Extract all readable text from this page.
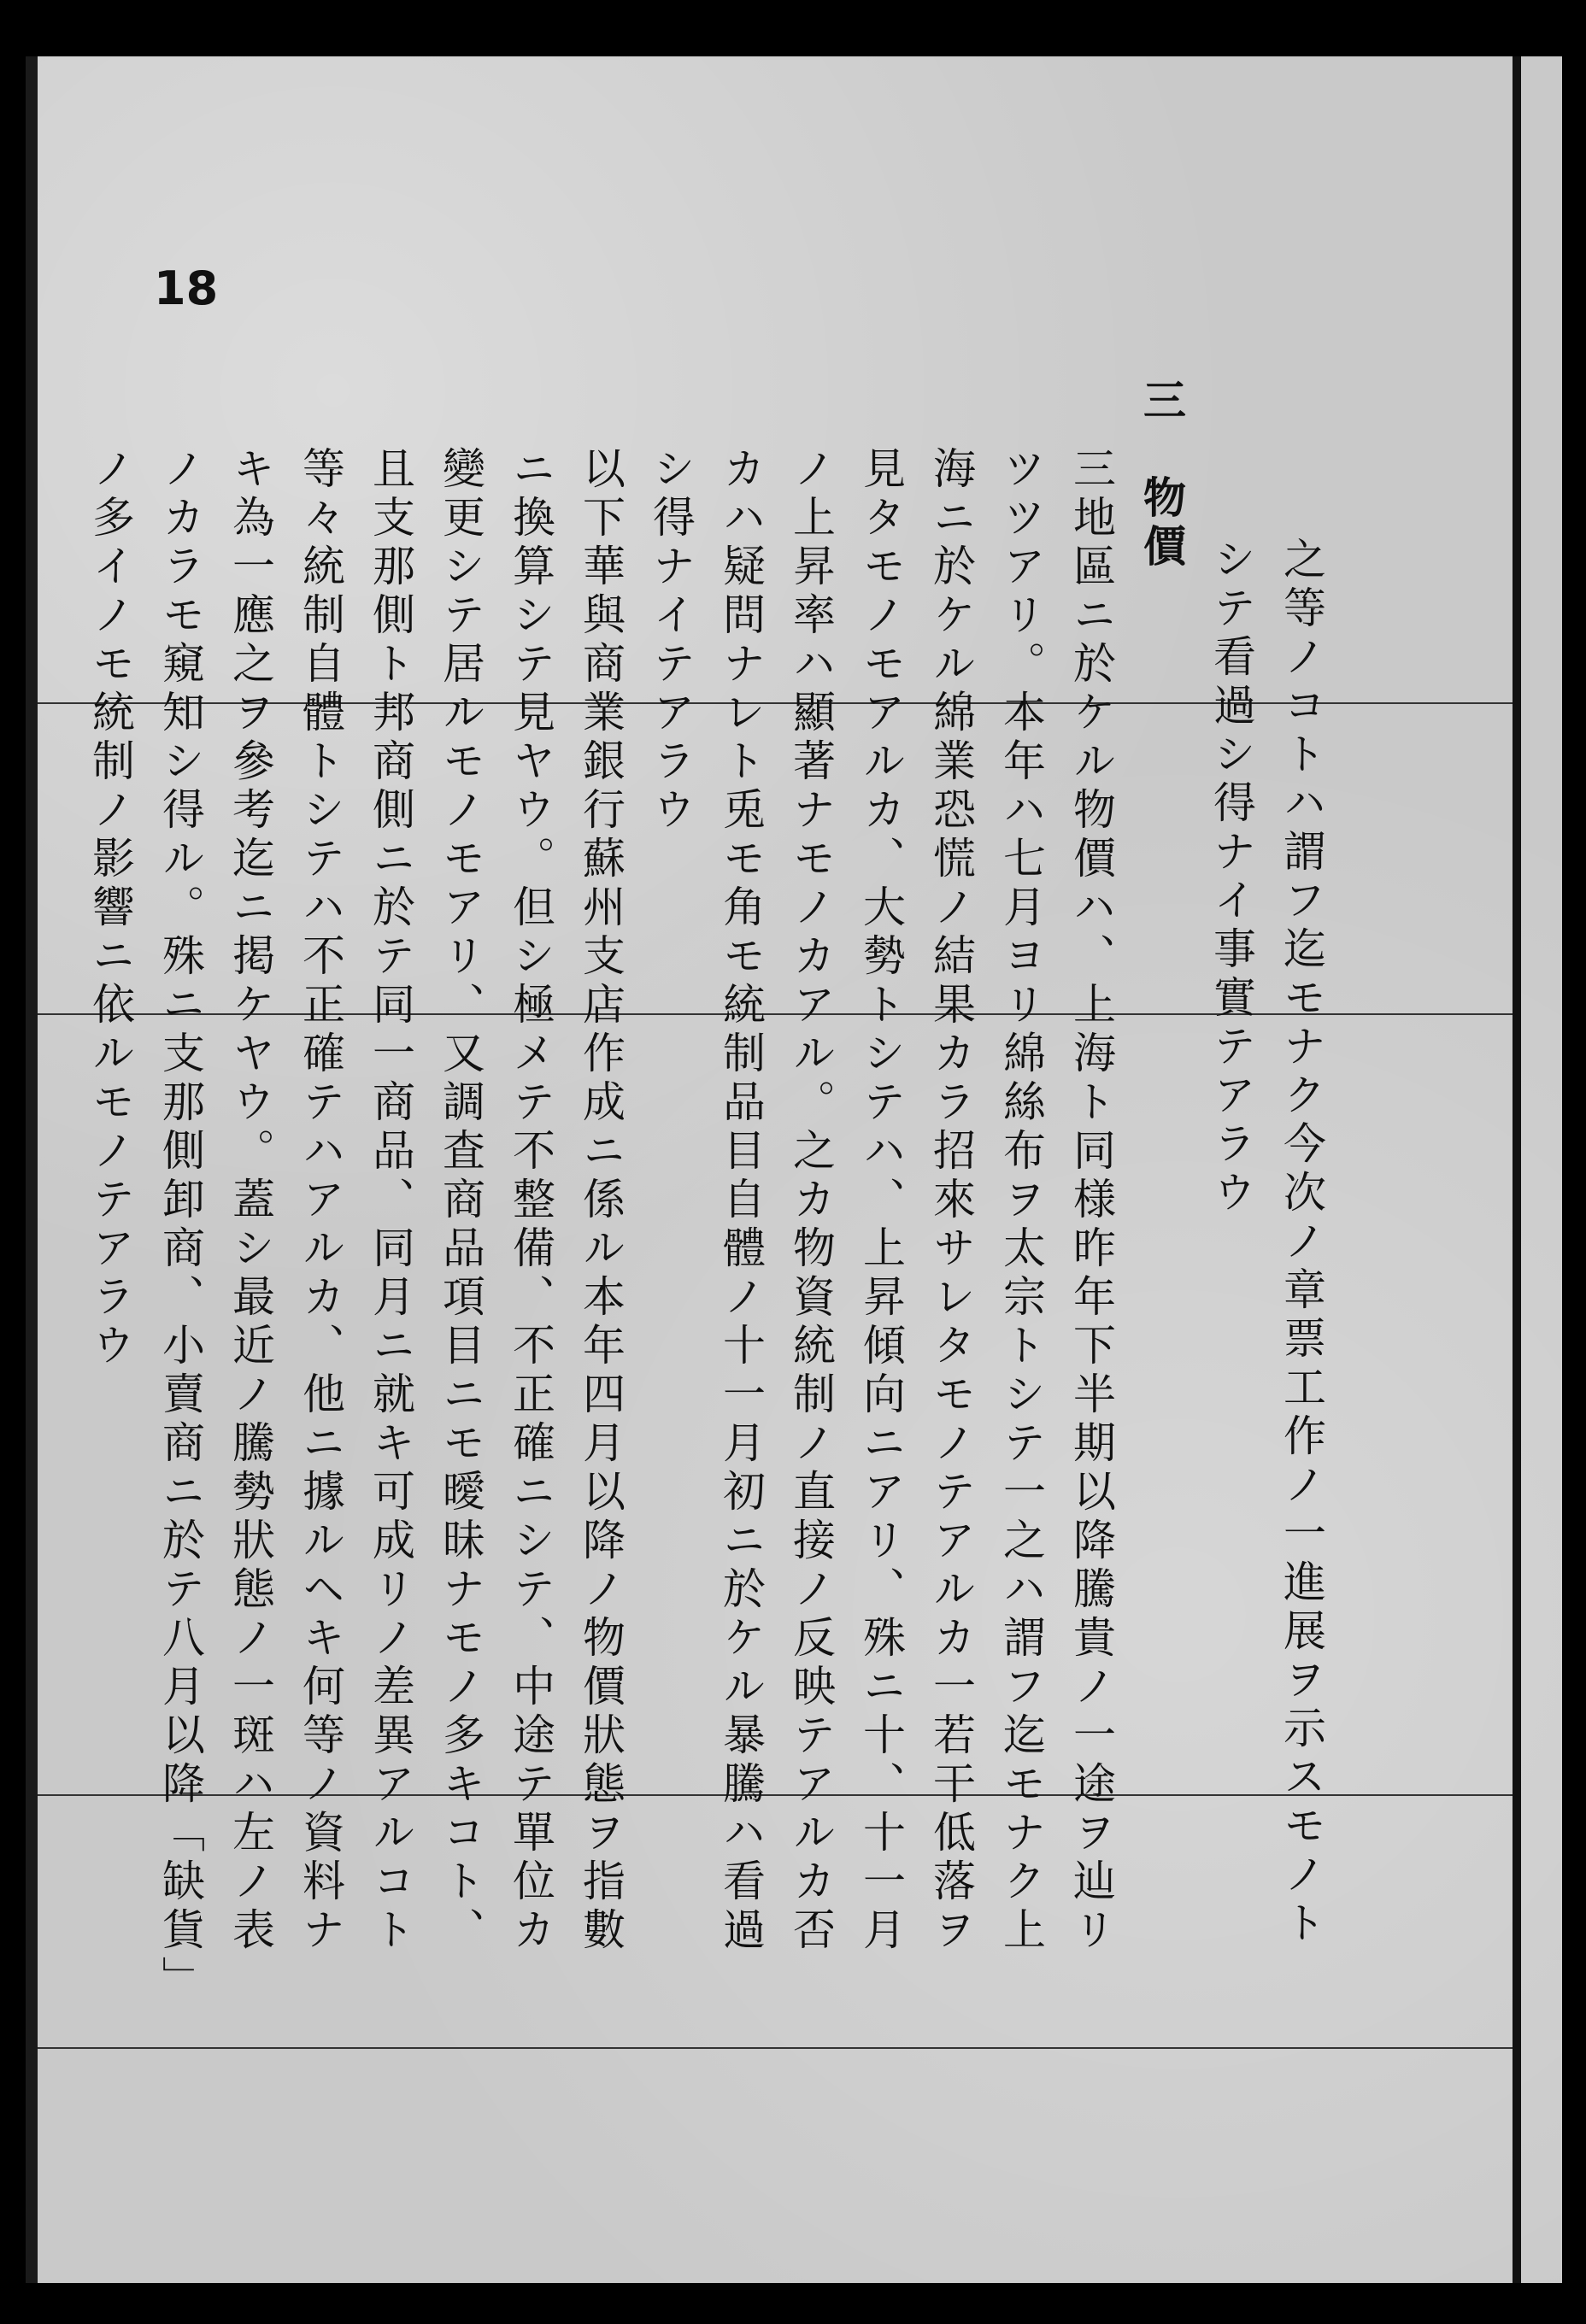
18
之等ノコトハ謂フ迄モナク今次ノ章票工作ノ一進展ヲ示スモノト
シテ看過シ得ナイ事實テアラウ
三　物價
三地區ニ於ケル物價ハ、上海ト同様昨年下半期以降騰貴ノ一途ヲ辿リ
ツツアリ。本年ハ七月ヨリ綿絲布ヲ太宗トシテ一之ハ謂フ迄モナク上
海ニ於ケル綿業恐慌ノ結果カラ招來サレタモノテアルカ一若干低落ヲ
見タモノモアルカ、大勢トシテハ、上昇傾向ニアリ、殊ニ十、十一月
ノ上昇率ハ顯著ナモノカアル。之カ物資統制ノ直接ノ反映テアルカ否
カハ疑問ナレト兎モ角モ統制品目自體ノ十一月初ニ於ケル暴騰ハ看過
シ得ナイテアラウ
以下華與商業銀行蘇州支店作成ニ係ル本年四月以降ノ物價狀態ヲ指數
ニ換算シテ見ヤウ。但シ極メテ不整備、不正確ニシテ、中途テ單位カ
變更シテ居ルモノモアリ、又調査商品項目ニモ曖昧ナモノ多キコト、
且支那側ト邦商側ニ於テ同一商品、同月ニ就キ可成リノ差異アルコト
等々統制自體トシテハ不正確テハアルカ、他ニ據ルヘキ何等ノ資料ナ
キ為一應之ヲ參考迄ニ掲ケヤウ。蓋シ最近ノ騰勢狀態ノ一斑ハ左ノ表
ノカラモ窺知シ得ル。殊ニ支那側卸商、小賣商ニ於テ八月以降「缺貨」
ノ多イノモ統制ノ影響ニ依ルモノテアラウ
